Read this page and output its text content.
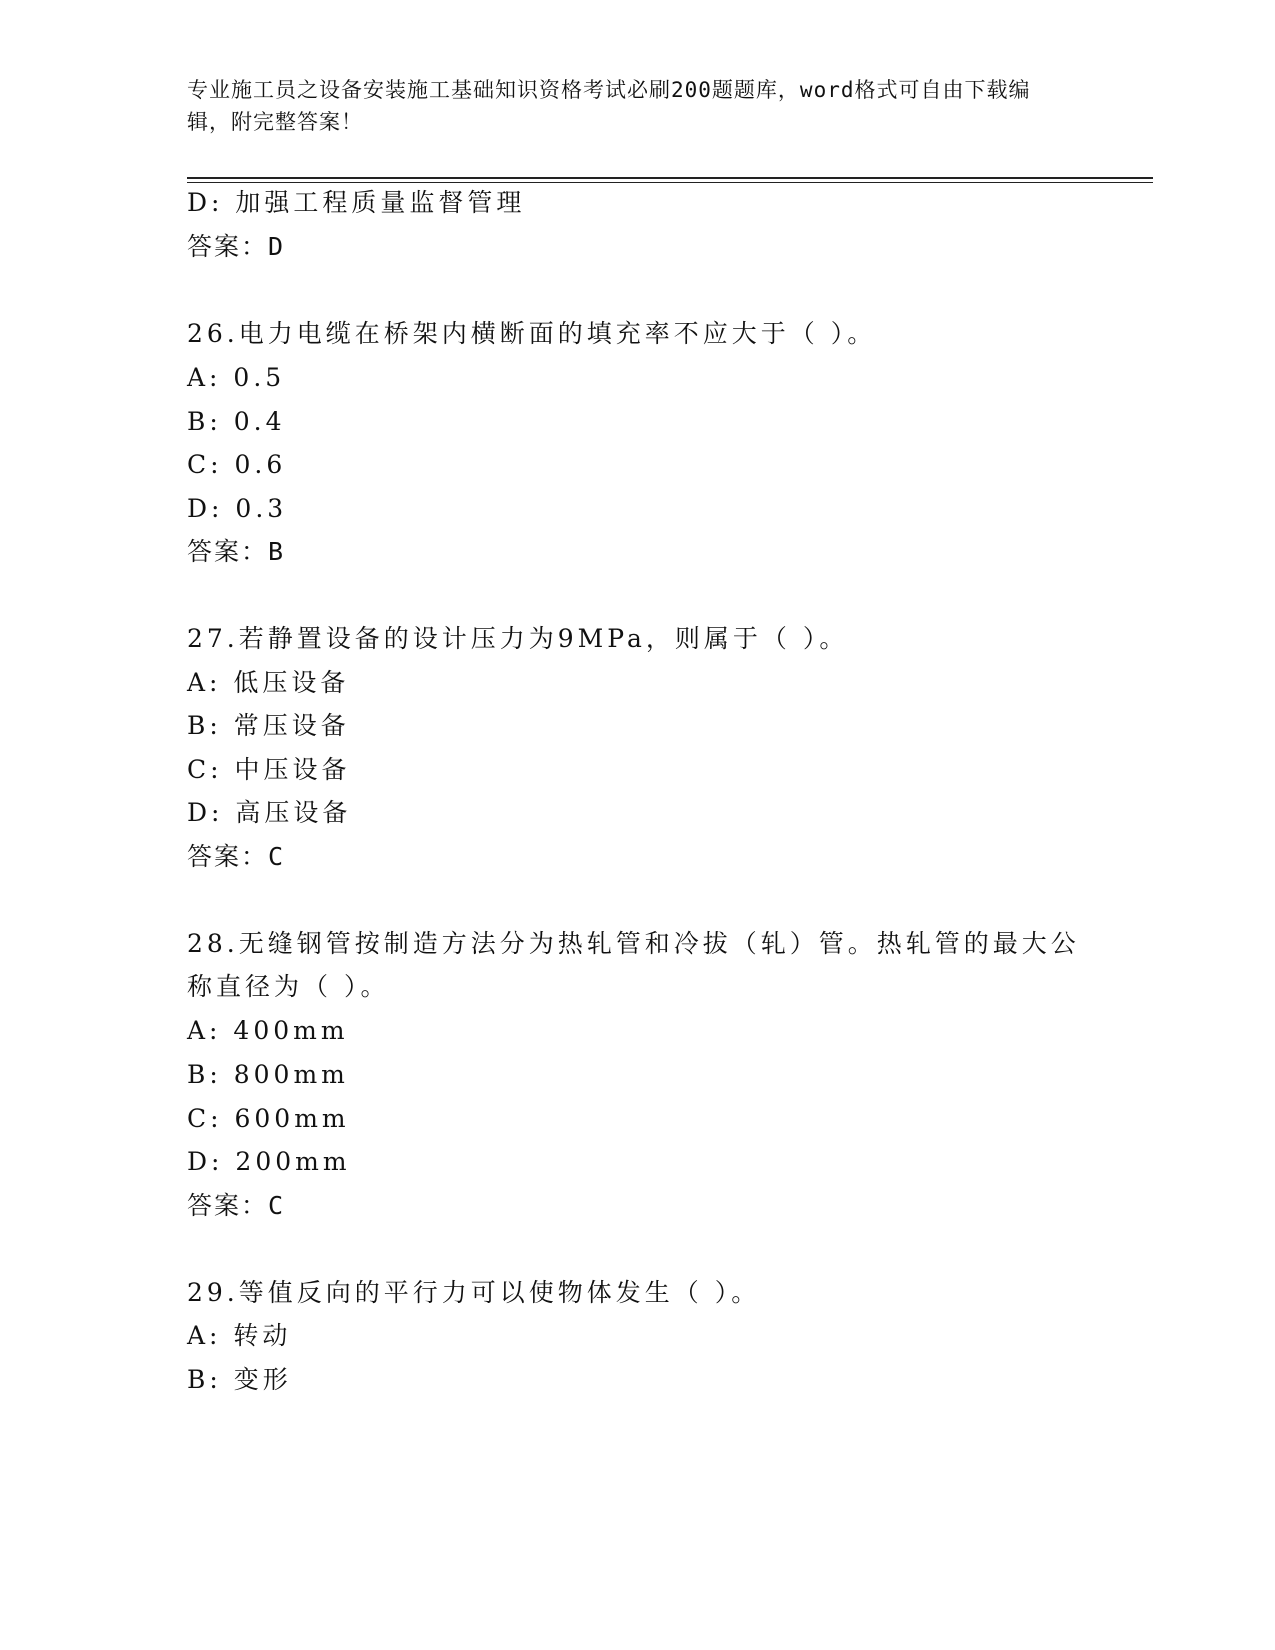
专业施工员之设备安装施工基础知识资格考试必刷200题题库，word格式可自由下载编辑，附完整答案！
D: 加强工程质量监督管理
答案：D
26.电力电缆在桥架内横断面的填充率不应大于（ ）。
A: 0.5
B: 0.4
C: 0.6
D: 0.3
答案：B
27.若静置设备的设计压力为9MPa，则属于（ ）。
A: 低压设备
B: 常压设备
C: 中压设备
D: 高压设备
答案：C
28.无缝钢管按制造方法分为热轧管和冷拔（轧）管。热轧管的最大公
称直径为（ ）。
A: 400mm
B: 800mm
C: 600mm
D: 200mm
答案：C
29.等值反向的平行力可以使物体发生（ ）。
A: 转动
B: 变形
